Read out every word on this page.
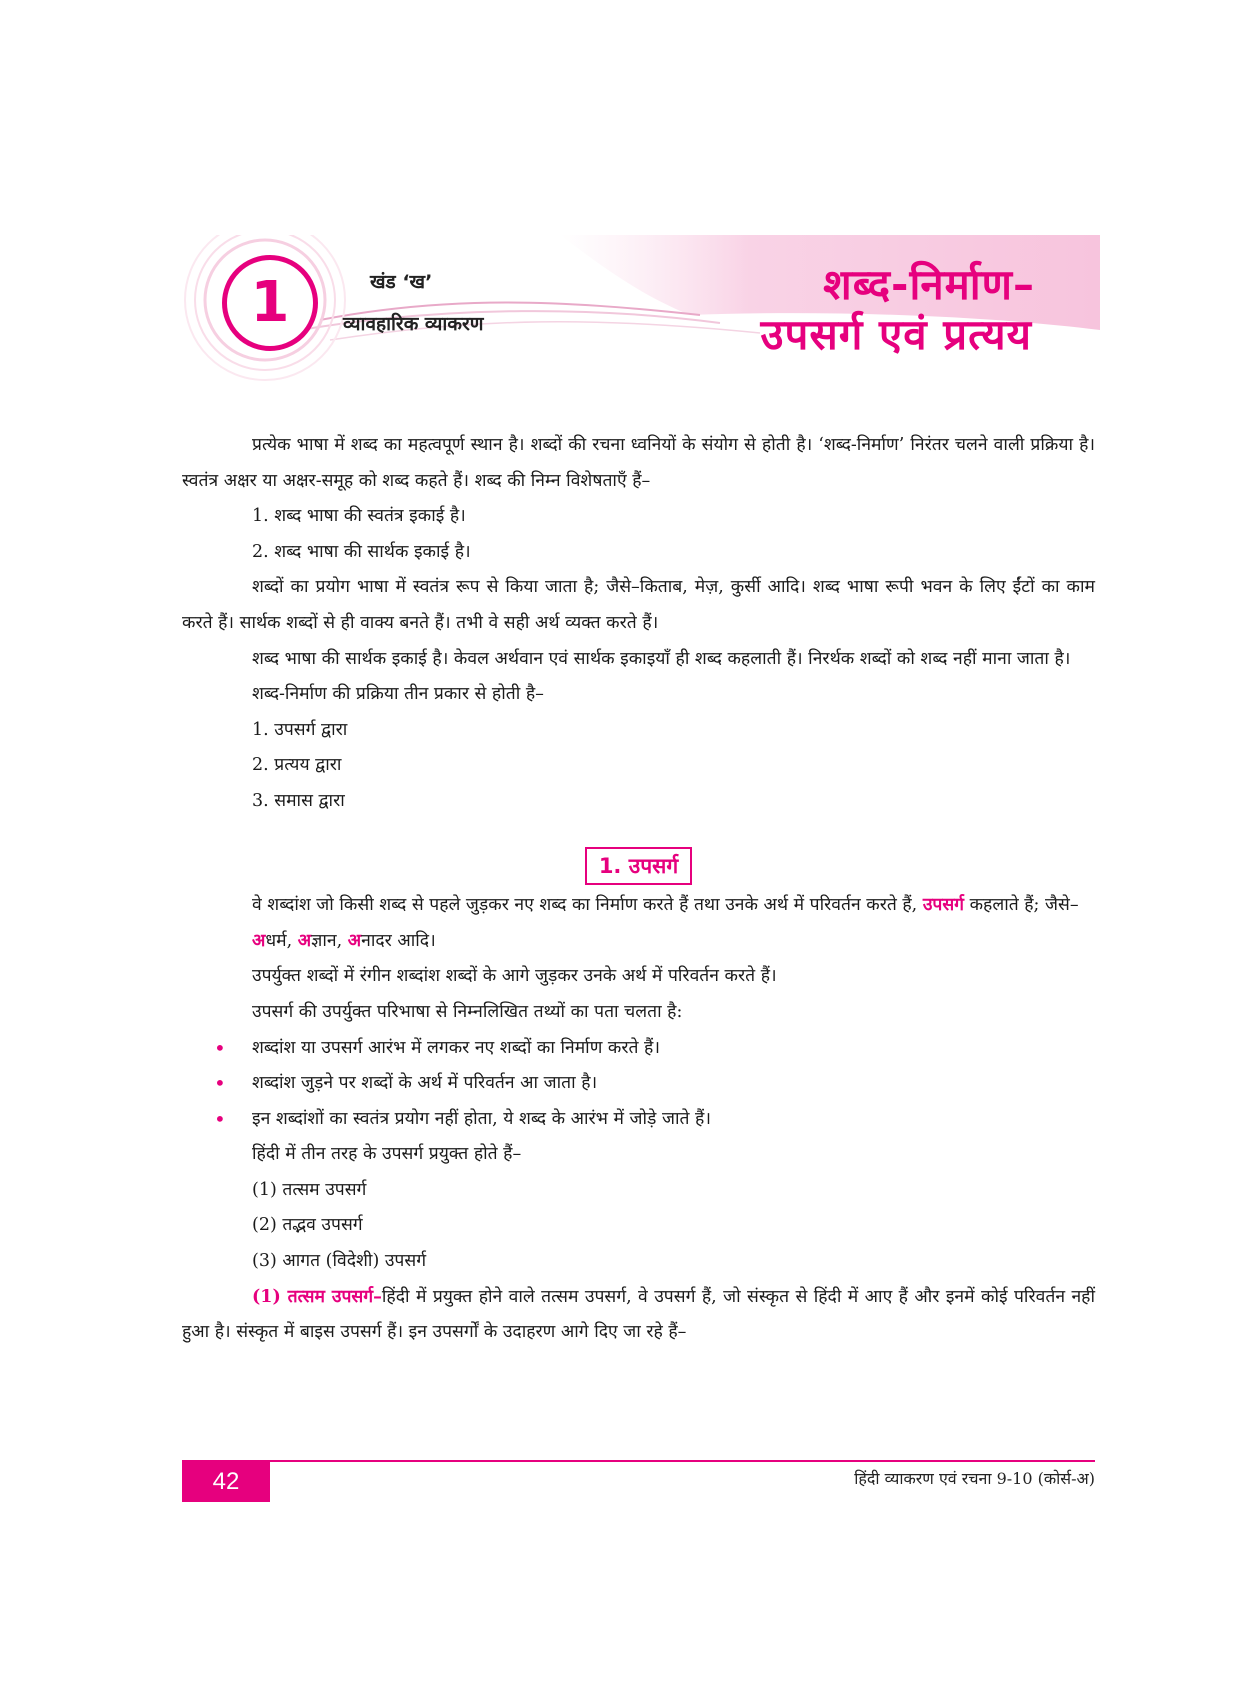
1	खंड ‘ख’
व्यावहारिक व्याकरण
शब्द-निर्माण–
उपसर्ग एवं प्रत्यय

प्रत्येक भाषा में शब्द का महत्वपूर्ण स्थान है। शब्दों की रचना ध्वनियों के संयोग से होती है। ‘शब्द-निर्माण’ निरंतर चलने वाली प्रक्रिया है। स्वतंत्र अक्षर या अक्षर-समूह को शब्द कहते हैं। शब्द की निम्न विशेषताएँ हैं–

1. शब्द भाषा की स्वतंत्र इकाई है।

2. शब्द भाषा की सार्थक इकाई है।

शब्दों का प्रयोग भाषा में स्वतंत्र रूप से किया जाता है; जैसे–किताब, मेज़, कुर्सी आदि। शब्द भाषा रूपी भवन के लिए ईंटों का काम करते हैं। सार्थक शब्दों से ही वाक्य बनते हैं। तभी वे सही अर्थ व्यक्त करते हैं।

शब्द भाषा की सार्थक इकाई है। केवल अर्थवान एवं सार्थक इकाइयाँ ही शब्द कहलाती हैं। निरर्थक शब्दों को शब्द नहीं माना जाता है।

शब्द-निर्माण की प्रक्रिया तीन प्रकार से होती है–

1. उपसर्ग द्वारा

2. प्रत्यय द्वारा

3. समास द्वारा

1. उपसर्ग

वे शब्दांश जो किसी शब्द से पहले जुड़कर नए शब्द का निर्माण करते हैं तथा उनके अर्थ में परिवर्तन करते हैं, उपसर्ग कहलाते हैं; जैसे–

अधर्म, अज्ञान, अनादर आदि।

उपर्युक्त शब्दों में रंगीन शब्दांश शब्दों के आगे जुड़कर उनके अर्थ में परिवर्तन करते हैं।

उपसर्ग की उपर्युक्त परिभाषा से निम्नलिखित तथ्यों का पता चलता है:

• शब्दांश या उपसर्ग आरंभ में लगकर नए शब्दों का निर्माण करते हैं।

• शब्दांश जुड़ने पर शब्दों के अर्थ में परिवर्तन आ जाता है।

• इन शब्दांशों का स्वतंत्र प्रयोग नहीं होता, ये शब्द के आरंभ में जोड़े जाते हैं।

हिंदी में तीन तरह के उपसर्ग प्रयुक्त होते हैं–

(1) तत्सम उपसर्ग

(2) तद्भव उपसर्ग

(3) आगत (विदेशी) उपसर्ग

(1) तत्सम उपसर्ग–हिंदी में प्रयुक्त होने वाले तत्सम उपसर्ग, वे उपसर्ग हैं, जो संस्कृत से हिंदी में आए हैं और इनमें कोई परिवर्तन नहीं हुआ है। संस्कृत में बाइस उपसर्ग हैं। इन उपसर्गों के उदाहरण आगे दिए जा रहे हैं–

42	हिंदी व्याकरण एवं रचना 9-10 (कोर्स-अ)
